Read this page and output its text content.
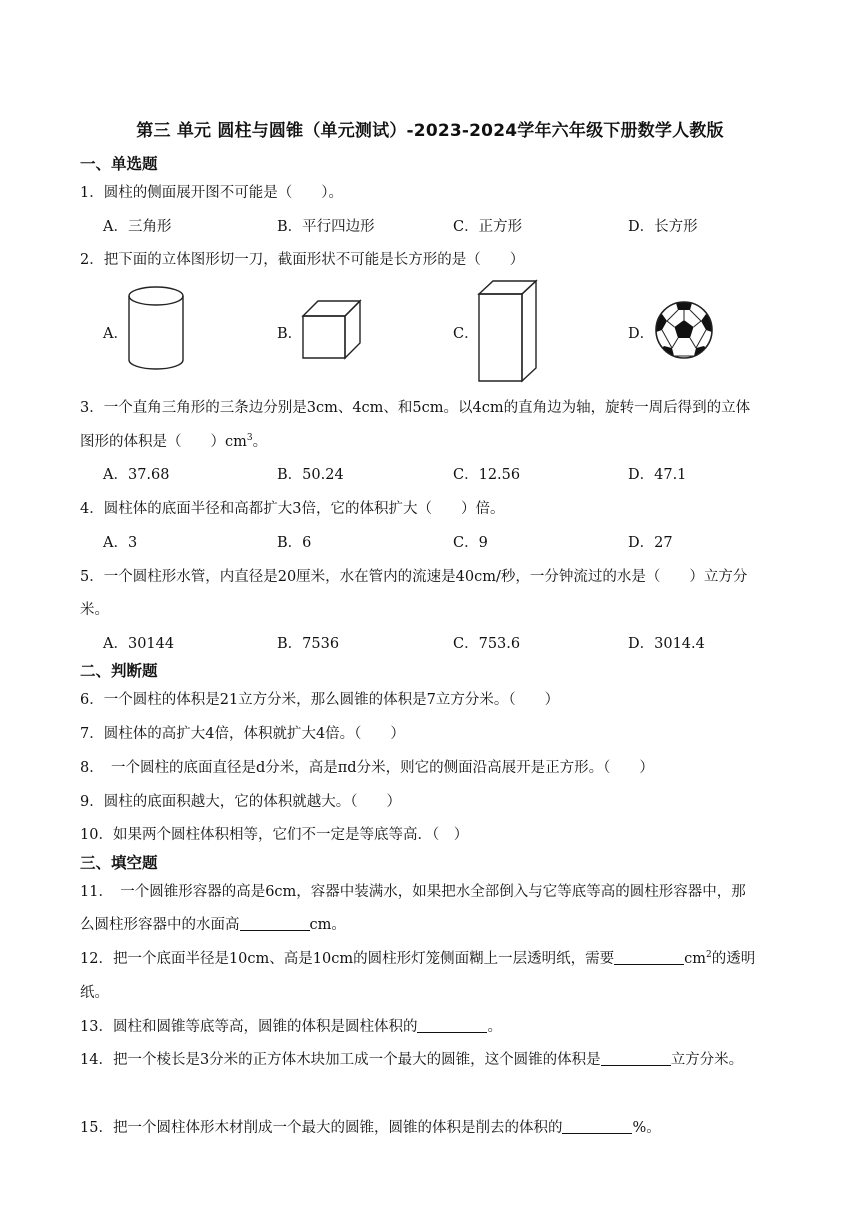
第三 单元 圆柱与圆锥（单元测试）-2023-2024学年六年级下册数学人教版
一、单选题
1．圆柱的侧面展开图不可能是（　　）。
A．三角形	B．平行四边形	C．正方形	D．长方形
2．把下面的立体图形切一刀，截面形状不可能是长方形的是（　　）
A．	B．	C．	D．
3．一个直角三角形的三条边分别是3cm、4cm、和5cm。以4cm的直角边为轴，旋转一周后得到的立体
图形的体积是（　　）$cm^3$。
A．37.68	B．50.24	C．12.56	D．47.1
4．圆柱体的底面半径和高都扩大3倍，它的体积扩大（　　）倍。
A．3	B．6	C．9	D．27
5．一个圆柱形水管，内直径是20厘米，水在管内的流速是40cm/秒，一分钟流过的水是（　　）立方分
米。
A．30144	B．7536	C．753.6	D．3014.4
二、判断题
6．一个圆柱的体积是21立方分米，那么圆锥的体积是7立方分米。（　　）
7．圆柱体的高扩大4倍，体积就扩大4倍。（　　）
8．　一个圆柱的底面直径是d分米，高是πd分米，则它的侧面沿高展开是正方形。（　　）
9．圆柱的底面积越大，它的体积就越大。（　　）
10．如果两个圆柱体积相等，它们不一定是等底等高．（　）
三、填空题
11．　一个圆锥形容器的高是6cm，容器中装满水，如果把水全部倒入与它等底等高的圆柱形容器中，那
么圆柱形容器中的水面高	cm。
12．把一个底面半径是10cm、高是10cm的圆柱形灯笼侧面糊上一层透明纸，需要	$cm^2$的透明
纸。
13．圆柱和圆锥等底等高，圆锥的体积是圆柱体积的	。
14．把一个棱长是3分米的正方体木块加工成一个最大的圆锥，这个圆锥的体积是	立方分米。
15．把一个圆柱体形木材削成一个最大的圆锥，圆锥的体积是削去的体积的	%。
